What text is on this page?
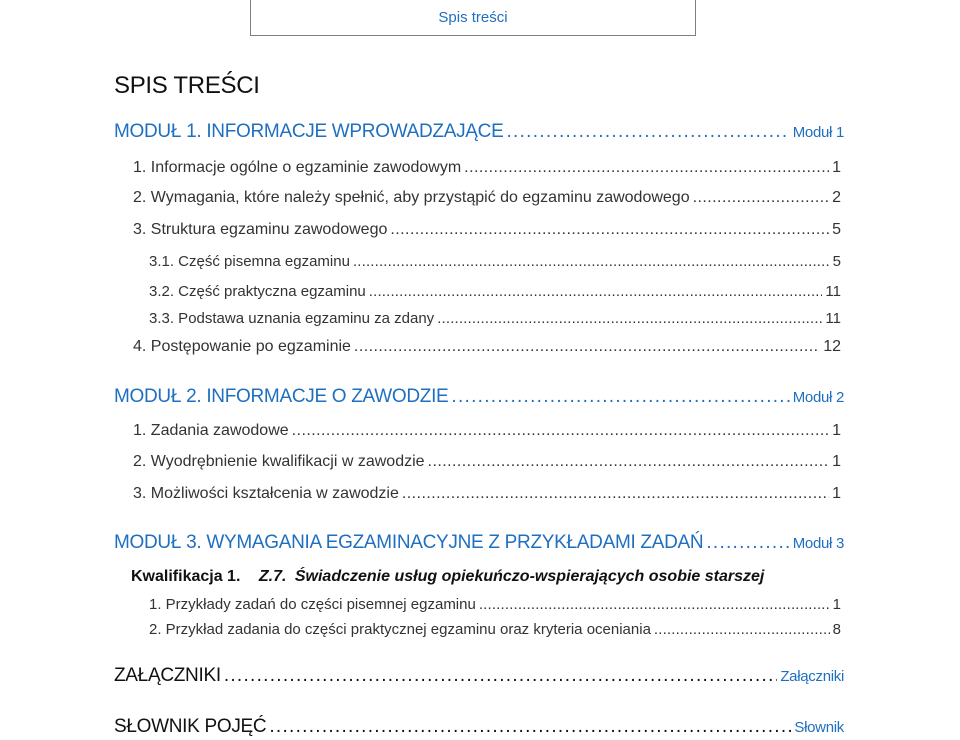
Spis treści
SPIS TREŚCI
MODUŁ 1. INFORMACJE WPROWADZAJĄCE . . .	Moduł 1
1. Informacje ogólne o egzaminie zawodowym . . .	1
2. Wymagania, które należy spełnić, aby przystąpić do egzaminu zawodowego . . .	2
3. Struktura egzaminu zawodowego . . .	5
3.1. Część pisemna egzaminu . . .	5
3.2. Część praktyczna egzaminu . . .	11
3.3. Podstawa uznania egzaminu za zdany . . .	11
4. Postępowanie po egzaminie . . .	12
MODUŁ 2. INFORMACJE O ZAWODZIE . . .	Moduł 2
1. Zadania zawodowe . . .	1
2. Wyodrębnienie kwalifikacji w zawodzie . . .	1
3. Możliwości kształcenia w zawodzie . . .	1
MODUŁ 3. WYMAGANIA EGZAMINACYJNE Z PRZYKŁADAMI ZADAŃ . . .	Moduł 3
Kwalifikacja 1. Z.7. Świadczenie usług opiekuńczo-wspierających osobie starszej
1. Przykłady zadań do części pisemnej egzaminu . . .	1
2. Przykład zadania do części praktycznej egzaminu oraz kryteria oceniania . . .	8
ZAŁĄCZNIKI . . .	Załączniki
SŁOWNIK POJĘĆ . . .	Słownik
